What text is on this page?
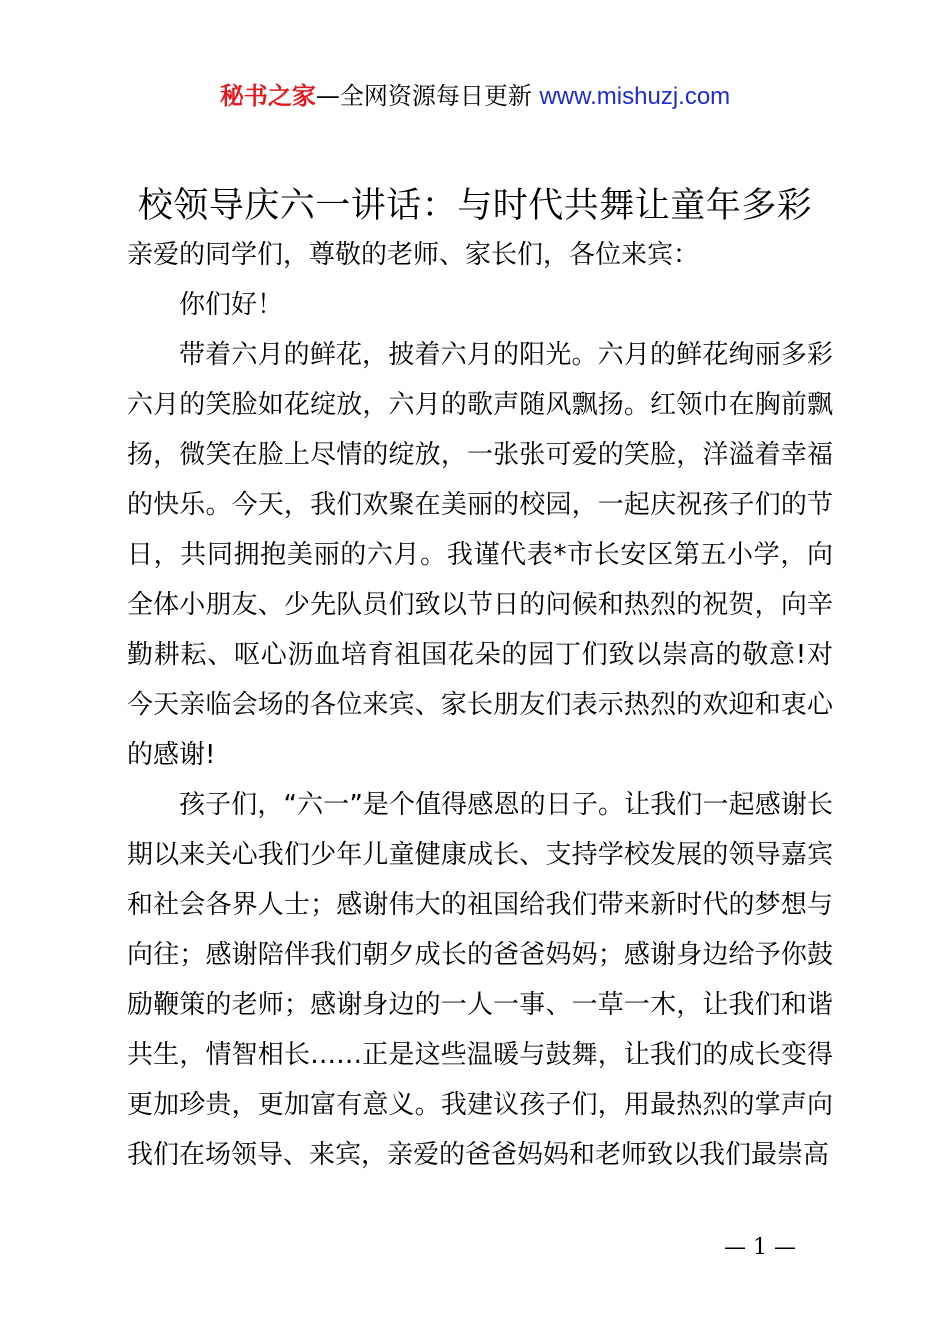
秘书之家—全网资源每日更新 www.mishuzj.com
校领导庆六一讲话：与时代共舞让童年多彩

亲爱的同学们，尊敬的老师、家长们，各位来宾：

你们好！

带着六月的鲜花，披着六月的阳光。六月的鲜花绚丽多彩六月的笑脸如花绽放，六月的歌声随风飘扬。红领巾在胸前飘扬，微笑在脸上尽情的绽放，一张张可爱的笑脸，洋溢着幸福的快乐。今天，我们欢聚在美丽的校园，一起庆祝孩子们的节日，共同拥抱美丽的六月。我谨代表*市长安区第五小学，向全体小朋友、少先队员们致以节日的问候和热烈的祝贺，向辛勤耕耘、呕心沥血培育祖国花朵的园丁们致以崇高的敬意!对今天亲临会场的各位来宾、家长朋友们表示热烈的欢迎和衷心的感谢!

孩子们，“六一”是个值得感恩的日子。让我们一起感谢长期以来关心我们少年儿童健康成长、支持学校发展的领导嘉宾和社会各界人士；感谢伟大的祖国给我们带来新时代的梦想与向往；感谢陪伴我们朝夕成长的爸爸妈妈；感谢身边给予你鼓励鞭策的老师；感谢身边的一人一事、一草一木，让我们和谐共生，情智相长……正是这些温暖与鼓舞，让我们的成长变得更加珍贵，更加富有意义。我建议孩子们，用最热烈的掌声向我们在场领导、来宾，亲爱的爸爸妈妈和老师致以我们最崇高

— 1 —
